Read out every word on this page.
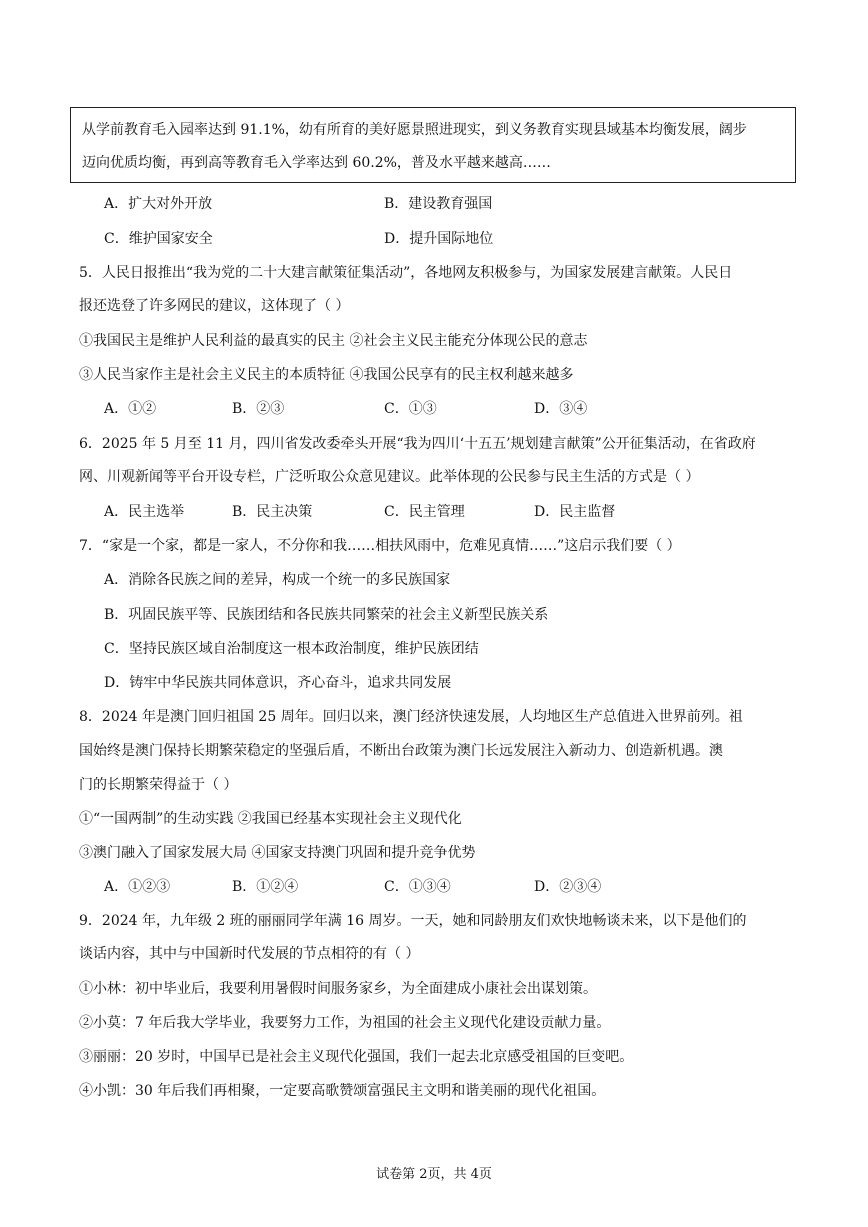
从学前教育毛入园率达到 91.1%，幼有所育的美好愿景照进现实，到义务教育实现县域基本均衡发展，阔步
迈向优质均衡，再到高等教育毛入学率达到 60.2%，普及水平越来越高……
A．扩大对外开放	B．建设教育强国
C．维护国家安全	D．提升国际地位
5．人民日报推出“我为党的二十大建言献策征集活动”，各地网友积极参与，为国家发展建言献策。人民日
报还选登了许多网民的建议，这体现了（ ）
①我国民主是维护人民利益的最真实的民主 ②社会主义民主能充分体现公民的意志
③人民当家作主是社会主义民主的本质特征 ④我国公民享有的民主权利越来越多
A．①②	B．②③	C．①③	D．③④
6．2025 年 5 月至 11 月，四川省发改委牵头开展“我为四川‘十五五’规划建言献策”公开征集活动，在省政府
网、川观新闻等平台开设专栏，广泛听取公众意见建议。此举体现的公民参与民主生活的方式是（ ）
A．民主选举	B．民主决策	C．民主管理	D．民主监督
7．“家是一个家，都是一家人，不分你和我……相扶风雨中，危难见真情……”这启示我们要（ ）
A．消除各民族之间的差异，构成一个统一的多民族国家
B．巩固民族平等、民族团结和各民族共同繁荣的社会主义新型民族关系
C．坚持民族区域自治制度这一根本政治制度，维护民族团结
D．铸牢中华民族共同体意识，齐心奋斗，追求共同发展
8．2024 年是澳门回归祖国 25 周年。回归以来，澳门经济快速发展，人均地区生产总值进入世界前列。祖
国始终是澳门保持长期繁荣稳定的坚强后盾，不断出台政策为澳门长远发展注入新动力、创造新机遇。澳
门的长期繁荣得益于（ ）
①“一国两制”的生动实践 ②我国已经基本实现社会主义现代化
③澳门融入了国家发展大局 ④国家支持澳门巩固和提升竞争优势
A．①②③	B．①②④	C．①③④	D．②③④
9．2024 年，九年级 2 班的丽丽同学年满 16 周岁。一天，她和同龄朋友们欢快地畅谈未来，以下是他们的
谈话内容，其中与中国新时代发展的节点相符的有（ ）
①小林：初中毕业后，我要利用暑假时间服务家乡，为全面建成小康社会出谋划策。
②小莫：7 年后我大学毕业，我要努力工作，为祖国的社会主义现代化建设贡献力量。
③丽丽：20 岁时，中国早已是社会主义现代化强国，我们一起去北京感受祖国的巨变吧。
④小凯：30 年后我们再相聚，一定要高歌赞颂富强民主文明和谐美丽的现代化祖国。
试卷第 2页，共 4页
